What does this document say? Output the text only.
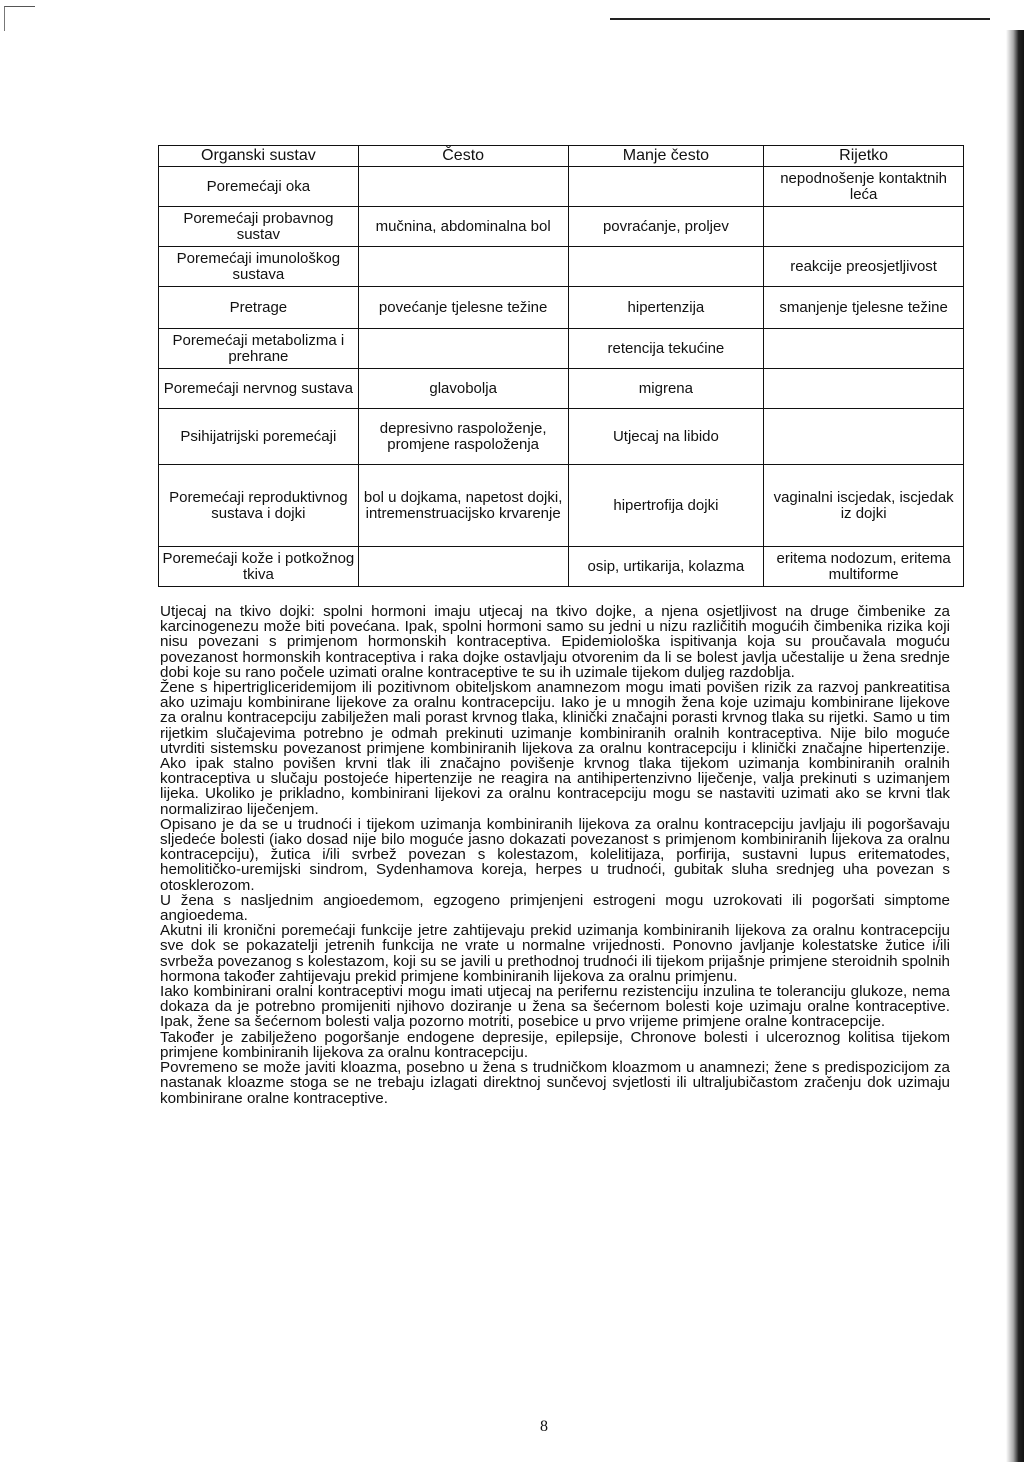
Organski sustav	Često	Manje često	Rijetko
Poremećaji oka			nepodnošenje kontaktnih leća
Poremećaji probavnog sustav	mučnina, abdominalna bol	povraćanje, proljev	
Poremećaji imunološkog sustava			reakcije preosjetljivost
Pretrage	povećanje tjelesne težine	hipertenzija	smanjenje tjelesne težine
Poremećaji metabolizma i prehrane		retencija tekućine	
Poremećaji nervnog sustava	glavobolja	migrena	
Psihijatrijski poremećaji	depresivno raspoloženje, promjene raspoloženja	Utjecaj na libido	
Poremećaji reproduktivnog sustava i dojki	bol u dojkama, napetost dojki, intremenstruacijsko krvarenje	hipertrofija dojki	vaginalni iscjedak, iscjedak iz dojki
Poremećaji kože i potkožnog tkiva		osip, urtikarija, kolazma	eritema nodozum, eritema multiforme

Utjecaj na tkivo dojki: spolni hormoni imaju utjecaj na tkivo dojke, a njena osjetljivost na druge čimbenike za karcinogenezu može biti povećana. Ipak, spolni hormoni samo su jedni u nizu različitih mogućih čimbenika rizika koji nisu povezani s primjenom hormonskih kontraceptiva. Epidemiološka ispitivanja koja su proučavala moguću povezanost hormonskih kontraceptiva i raka dojke ostavljaju otvorenim da li se bolest javlja učestalije u žena srednje dobi koje su rano počele uzimati oralne kontraceptive te su ih uzimale tijekom duljeg razdoblja.

Žene s hipertrigliceridemijom ili pozitivnom obiteljskom anamnezom mogu imati povišen rizik za razvoj pankreatitisa ako uzimaju kombinirane lijekove za oralnu kontracepciju. Iako je u mnogih žena koje uzimaju kombinirane lijekove za oralnu kontracepciju zabilježen mali porast krvnog tlaka, klinički značajni porasti krvnog tlaka su rijetki. Samo u tim rijetkim slučajevima potrebno je odmah prekinuti uzimanje kombiniranih oralnih kontraceptiva. Nije bilo moguće utvrditi sistemsku povezanost primjene kombiniranih lijekova za oralnu kontracepciju i klinički značajne hipertenzije. Ako ipak stalno povišen krvni tlak ili značajno povišenje krvnog tlaka tijekom uzimanja kombiniranih oralnih kontraceptiva u slučaju postojeće hipertenzije ne reagira na antihipertenzivno liječenje, valja prekinuti s uzimanjem lijeka. Ukoliko je prikladno, kombinirani lijekovi za oralnu kontracepciju mogu se nastaviti uzimati ako se krvni tlak normalizirao liječenjem.

Opisano je da se u trudnoći i tijekom uzimanja kombiniranih lijekova za oralnu kontracepciju javljaju ili pogoršavaju sljedeće bolesti (iako dosad nije bilo moguće jasno dokazati povezanost s primjenom kombiniranih lijekova za oralnu kontracepciju), žutica i/ili svrbež povezan s kolestazom, kolelitijaza, porfirija, sustavni lupus eritematodes, hemolitičko-uremijski sindrom, Sydenhamova koreja, herpes u trudnoći, gubitak sluha srednjeg uha povezan s otosklerozom.

U žena s nasljednim angioedemom, egzogeno primjenjeni estrogeni mogu uzrokovati ili pogoršati simptome angioedema.

Akutni ili kronični poremećaji funkcije jetre zahtijevaju prekid uzimanja kombiniranih lijekova za oralnu kontracepciju sve dok se pokazatelji jetrenih funkcija ne vrate u normalne vrijednosti. Ponovno javljanje kolestatske žutice i/ili svrbeža povezanog s kolestazom, koji su se javili u prethodnoj trudnoći ili tijekom prijašnje primjene steroidnih spolnih hormona također zahtijevaju prekid primjene kombiniranih lijekova za oralnu primjenu.

Iako kombinirani oralni kontraceptivi mogu imati utjecaj na perifernu rezistenciju inzulina te toleranciju glukoze, nema dokaza da je potrebno promijeniti njihovo doziranje u žena sa šećernom bolesti koje uzimaju oralne kontraceptive. Ipak, žene sa šećernom bolesti valja pozorno motriti, posebice u prvo vrijeme primjene oralne kontracepcije.

Također je zabilježeno pogoršanje endogene depresije, epilepsije, Chronove bolesti i ulceroznog kolitisa tijekom primjene kombiniranih lijekova za oralnu kontracepciju.

Povremeno se može javiti kloazma, posebno u žena s trudničkom kloazmom u anamnezi; žene s predispozicijom za nastanak kloazme stoga se ne trebaju izlagati direktnoj sunčevoj svjetlosti ili ultraljubičastom zračenju dok uzimaju kombinirane oralne kontraceptive.

8
